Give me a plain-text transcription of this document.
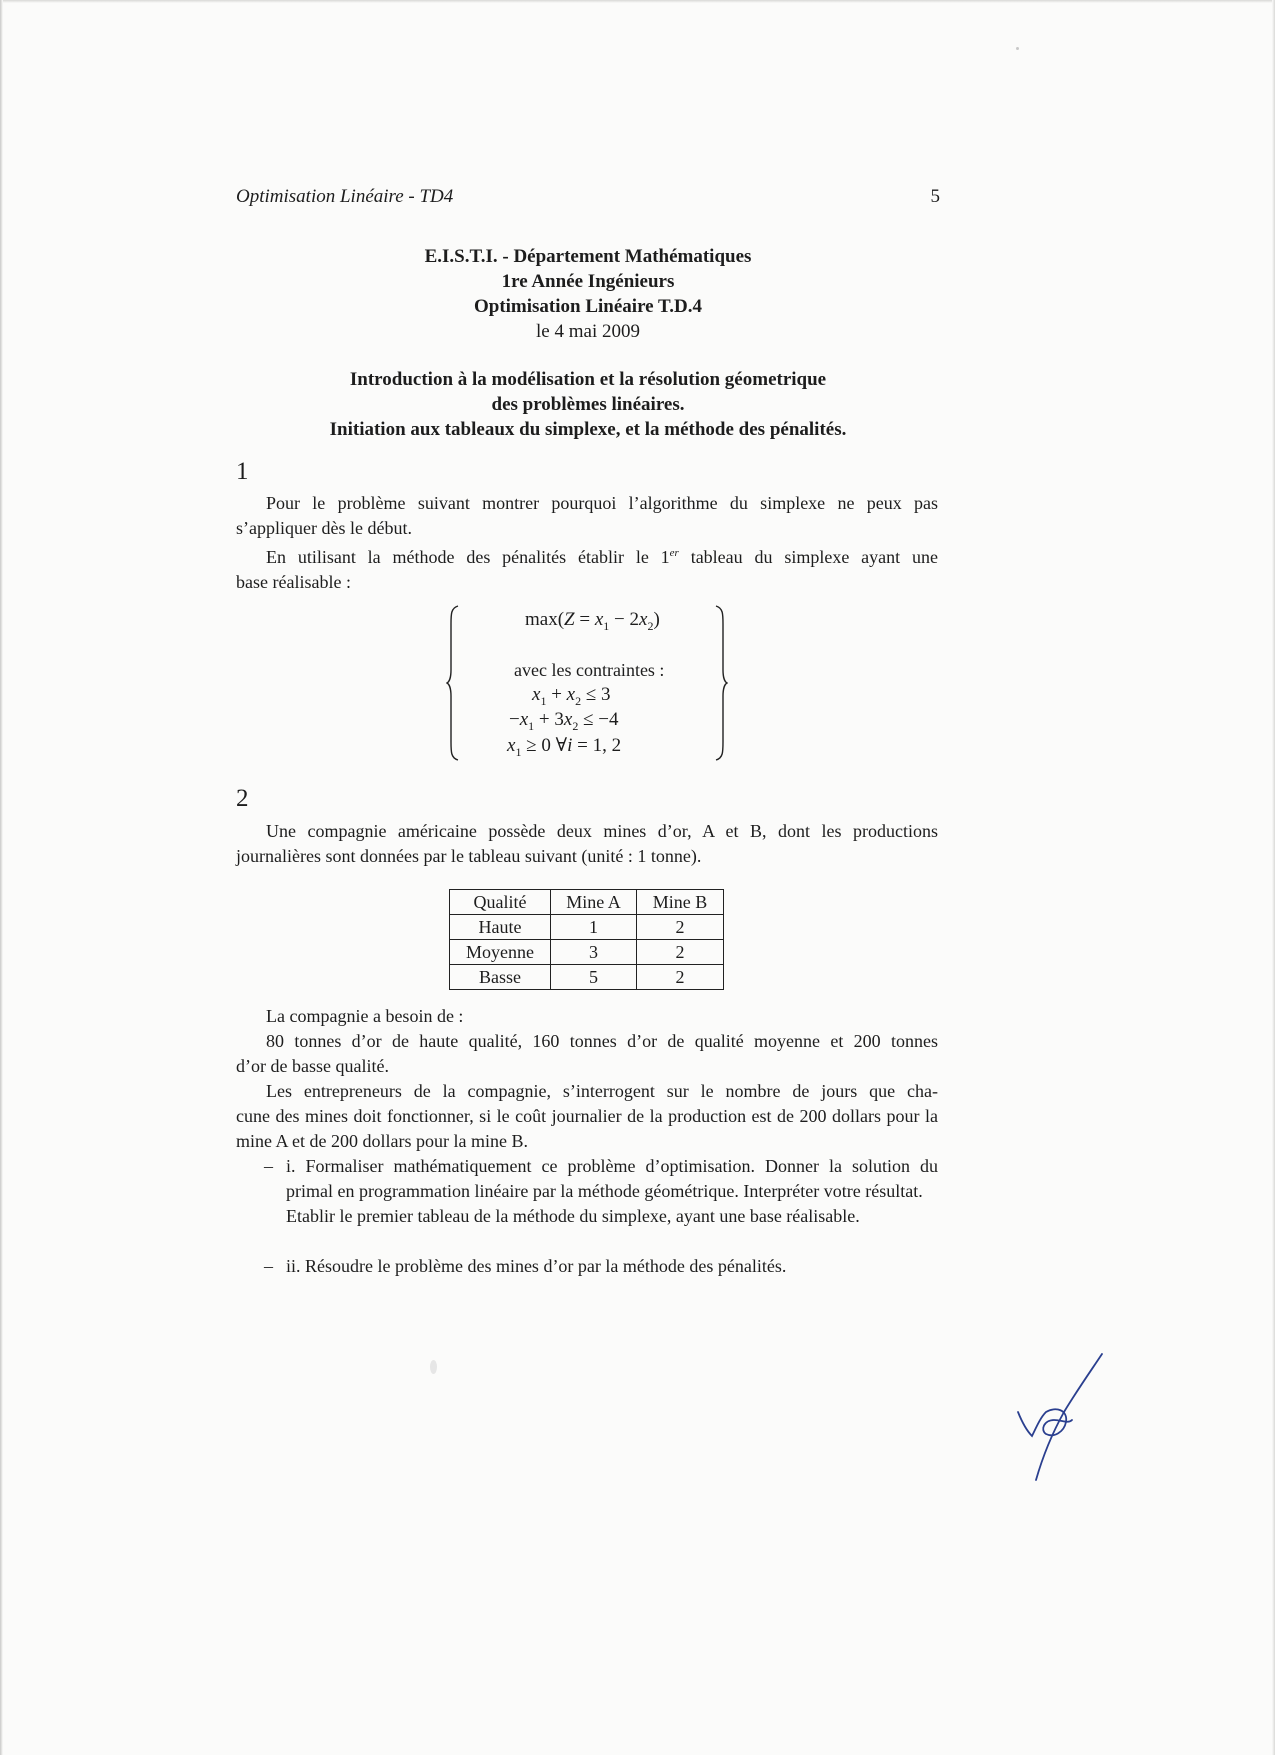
Optimisation Linéaire - TD4	5
E.I.S.T.I. - Département Mathématiques
1re Année Ingénieurs
Optimisation Linéaire T.D.4
le 4 mai 2009
Introduction à la modélisation et la résolution géometrique
des problèmes linéaires.
Initiation aux tableaux du simplexe, et la méthode des pénalités.
1
Pour le problème suivant montrer pourquoi l’algorithme du simplexe ne peux pas
s’appliquer dès le début.
En utilisant la méthode des pénalités établir le 1er tableau du simplexe ayant une
base réalisable :
$\max(Z = x_1 - 2x_2)$
avec les contraintes :
$x_1 + x_2 \le 3$
$-x_1 + 3x_2 \le -4$
$x_1 \ge 0$ ∀i = 1, 2
2
Une compagnie américaine possède deux mines d’or, A et B, dont les productions
journalières sont données par le tableau suivant (unité : 1 tonne).
Qualité	Mine A	Mine B
Haute	1	2
Moyenne	3	2
Basse	5	2
La compagnie a besoin de :
80 tonnes d’or de haute qualité, 160 tonnes d’or de qualité moyenne et 200 tonnes
d’or de basse qualité.
Les entrepreneurs de la compagnie, s’interrogent sur le nombre de jours que cha-
cune des mines doit fonctionner, si le coût journalier de la production est de 200 dollars pour la mine A et de 200 dollars pour la mine B.
– i. Formaliser mathématiquement ce problème d’optimisation. Donner la solution du primal en programmation linéaire par la méthode géométrique. Interpréter votre résultat.
Etablir le premier tableau de la méthode du simplexe, ayant une base réalisable.
– ii. Résoudre le problème des mines d’or par la méthode des pénalités.
